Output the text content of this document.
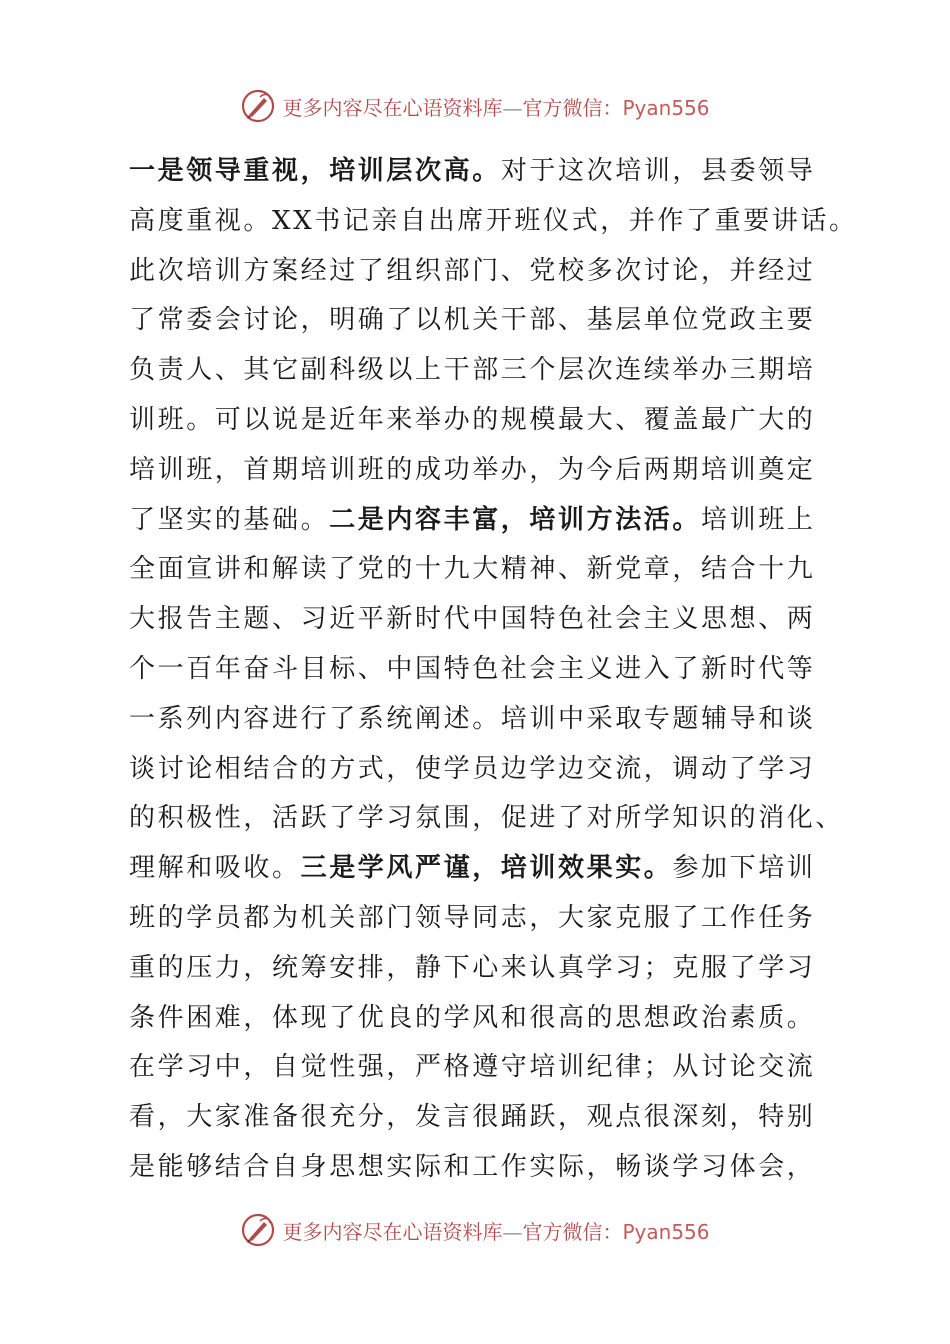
更多内容尽在心语资料库—官方微信：Pyan556
一是领导重视，培训层次高。对于这次培训，县委领导
高度重视。XX书记亲自出席开班仪式，并作了重要讲话。
此次培训方案经过了组织部门、党校多次讨论，并经过
了常委会讨论，明确了以机关干部、基层单位党政主要
负责人、其它副科级以上干部三个层次连续举办三期培
训班。可以说是近年来举办的规模最大、覆盖最广大的
培训班，首期培训班的成功举办，为今后两期培训奠定
了坚实的基础。二是内容丰富，培训方法活。培训班上
全面宣讲和解读了党的十九大精神、新党章，结合十九
大报告主题、习近平新时代中国特色社会主义思想、两
个一百年奋斗目标、中国特色社会主义进入了新时代等
一系列内容进行了系统阐述。培训中采取专题辅导和谈
谈讨论相结合的方式，使学员边学边交流，调动了学习
的积极性，活跃了学习氛围，促进了对所学知识的消化、
理解和吸收。三是学风严谨，培训效果实。参加下培训
班的学员都为机关部门领导同志，大家克服了工作任务
重的压力，统筹安排，静下心来认真学习；克服了学习
条件困难，体现了优良的学风和很高的思想政治素质。
在学习中，自觉性强，严格遵守培训纪律；从讨论交流
看，大家准备很充分，发言很踊跃，观点很深刻，特别
是能够结合自身思想实际和工作实际，畅谈学习体会，
更多内容尽在心语资料库—官方微信：Pyan556
